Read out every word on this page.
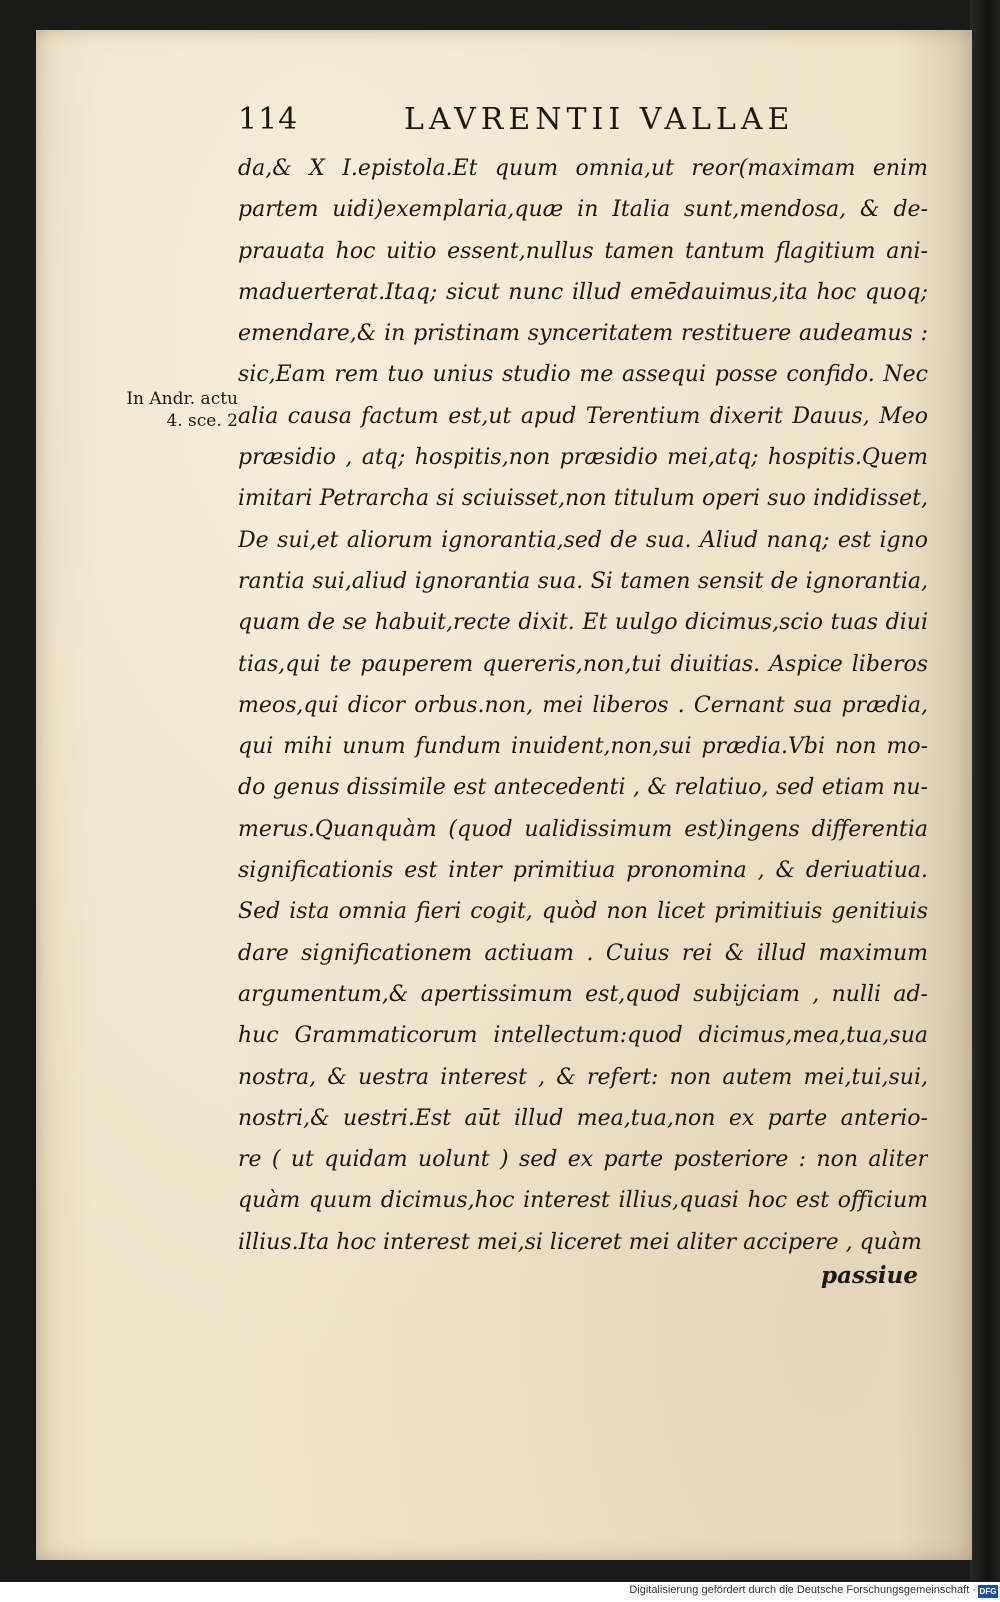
114	LAVRENTII VALLAE
In Andr. actu
4. sce. 2
da,& X I.epistola.Et quum omnia,ut reor(maximam enim
partem uidi)exemplaria,quæ in Italia sunt,mendosa, & de-
prauata hoc uitio essent,nullus tamen tantum flagitium ani-
maduerterat.Itaq; sicut nunc illud emēdauimus,ita hoc quoq;
emendare,& in pristinam synceritatem restituere audeamus :
sic,Eam rem tuo unius studio me assequi posse confido. Nec
alia causa factum est,ut apud Terentium dixerit Dauus, Meo
præsidio , atq; hospitis,non præsidio mei,atq; hospitis.Quem
imitari Petrarcha si sciuisset,non titulum operi suo indidisset,
De sui,et aliorum ignorantia,sed de sua. Aliud nanq; est igno
rantia sui,aliud ignorantia sua. Si tamen sensit de ignorantia,
quam de se habuit,recte dixit. Et uulgo dicimus,scio tuas diui
tias,qui te pauperem quereris,non,tui diuitias. Aspice liberos
meos,qui dicor orbus.non, mei liberos . Cernant sua prædia,
qui mihi unum fundum inuident,non,sui prædia.Vbi non mo-
do genus dissimile est antecedenti , & relatiuo, sed etiam nu-
merus.Quanquàm (quod ualidissimum est)ingens differentia
significationis est inter primitiua pronomina , & deriuatiua.
Sed ista omnia fieri cogit, quòd non licet primitiuis genitiuis
dare significationem actiuam . Cuius rei & illud maximum
argumentum,& apertissimum est,quod subijciam , nulli ad-
huc Grammaticorum intellectum:quod dicimus,mea,tua,sua
nostra, & uestra interest , & refert: non autem mei,tui,sui,
nostri,& uestri.Est aūt illud mea,tua,non ex parte anterio-
re ( ut quidam uolunt ) sed ex parte posteriore : non aliter
quàm quum dicimus,hoc interest illius,quasi hoc est officium
illius.Ita hoc interest mei,si liceret mei aliter accipere , quàm
passiue
Digitalisierung gefördert durch die Deutsche Forschungsgemeinschaft · DFG
